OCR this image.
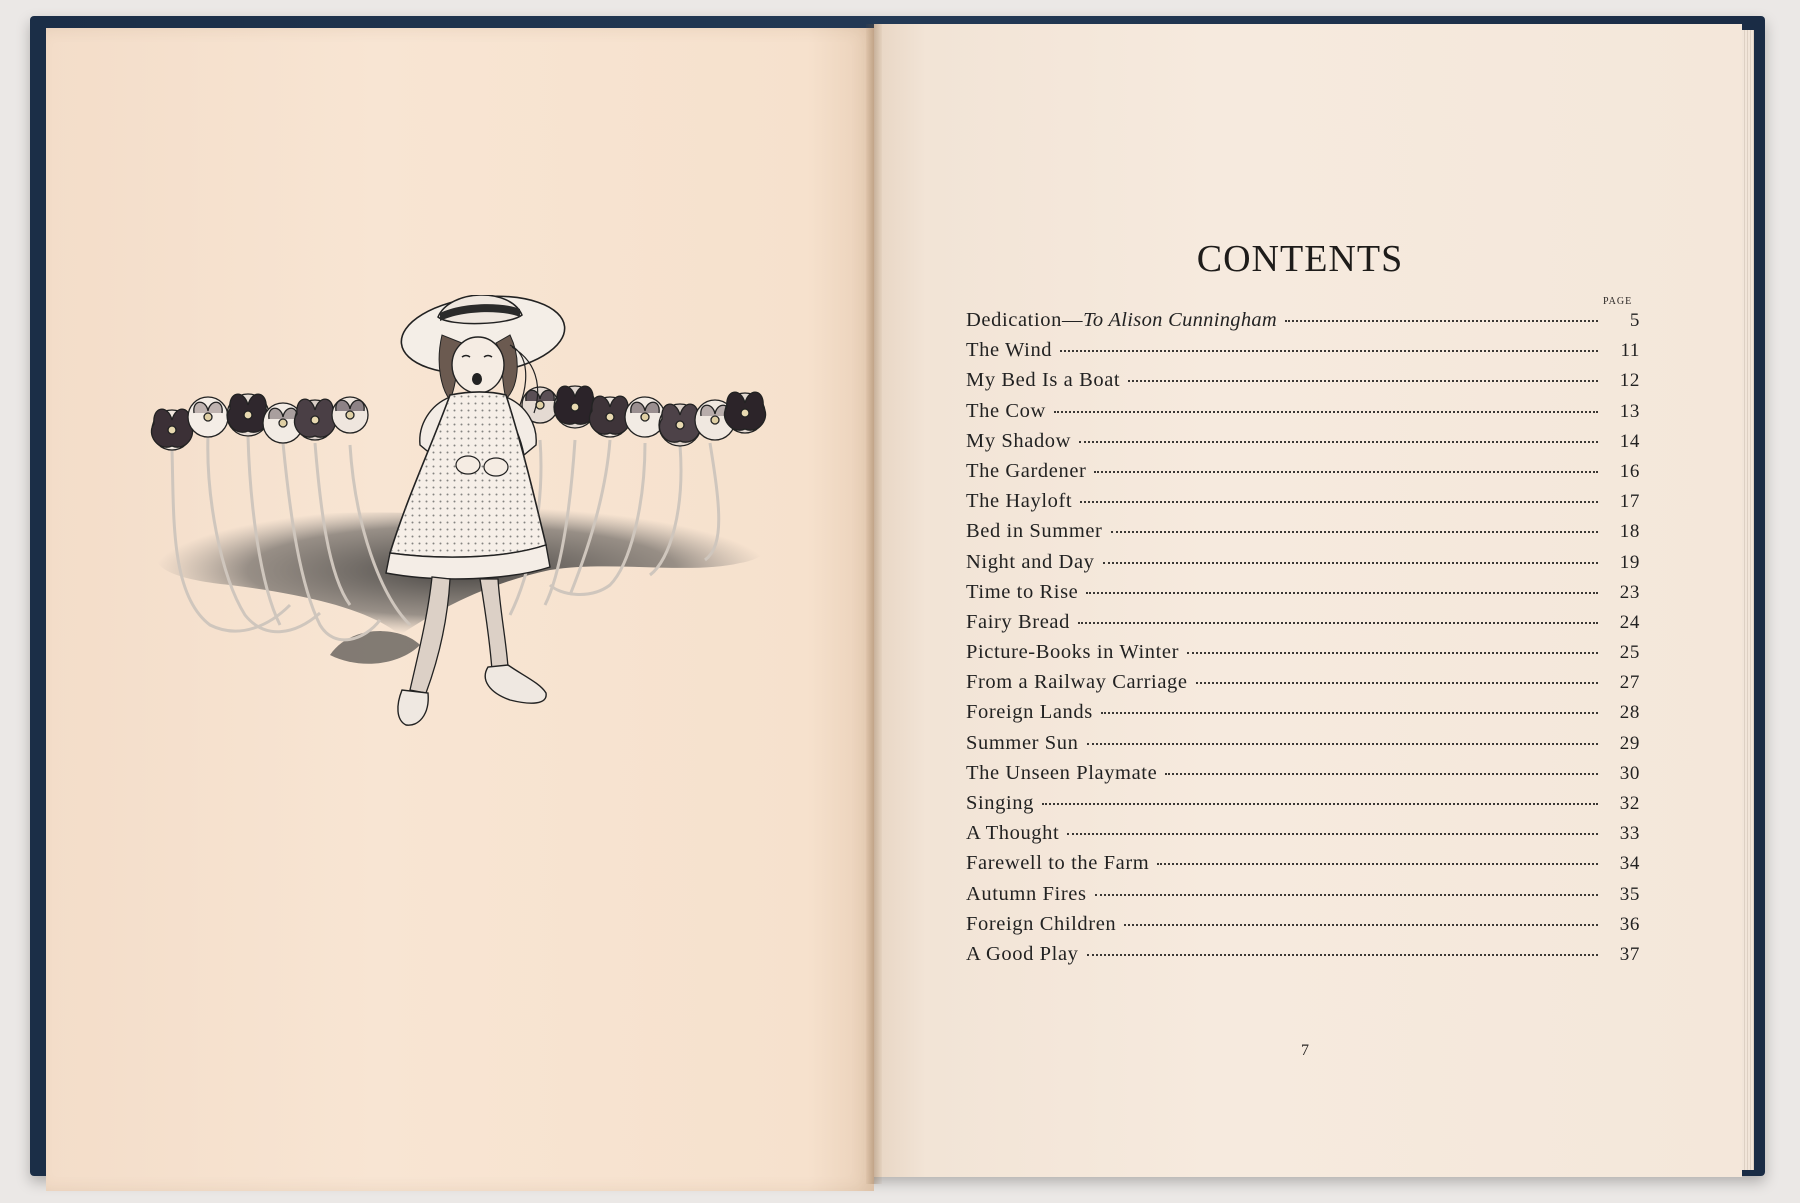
CONTENTS
PAGE
Dedication—To Alison Cunningham	5
The Wind	11
My Bed Is a Boat	12
The Cow	13
My Shadow	14
The Gardener	16
The Hayloft	17
Bed in Summer	18
Night and Day	19
Time to Rise	23
Fairy Bread	24
Picture-Books in Winter	25
From a Railway Carriage	27
Foreign Lands	28
Summer Sun	29
The Unseen Playmate	30
Singing	32
A Thought	33
Farewell to the Farm	34
Autumn Fires	35
Foreign Children	36
A Good Play	37
7
